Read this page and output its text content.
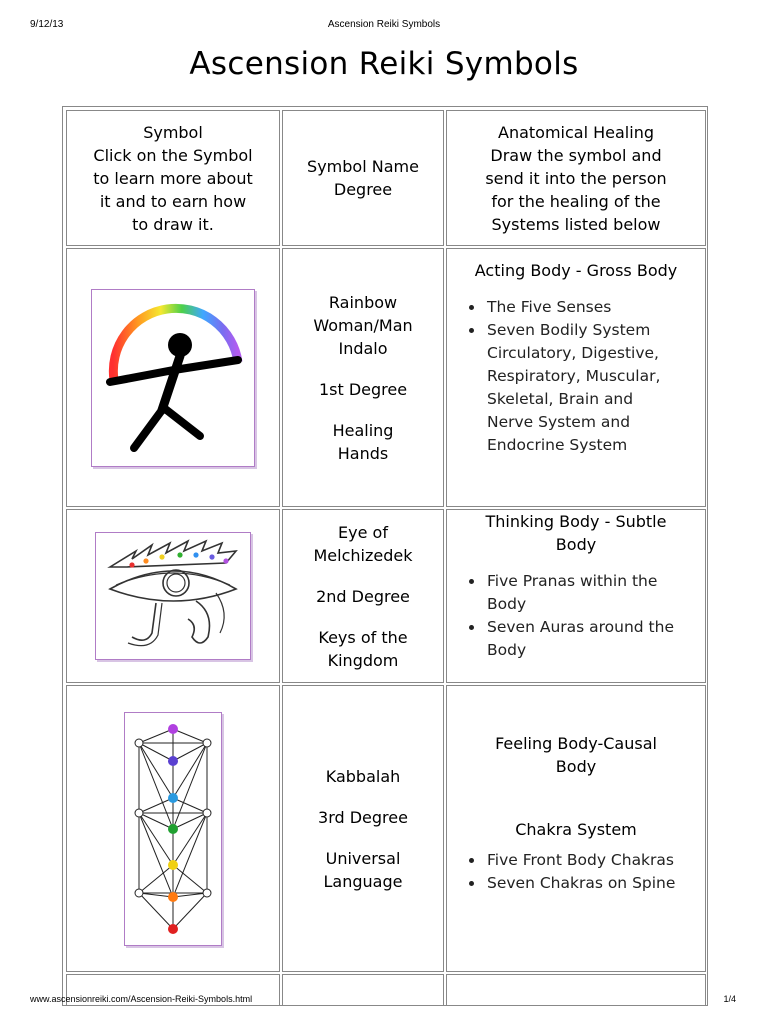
9/12/13	Ascension Reiki Symbols
Ascension Reiki Symbols

Symbol

Click on the Symbol

to learn more about

it and to earn how

to draw it.

Symbol Name

Degree

Anatomical Healing

Draw the symbol and

send it into the person

for the healing of the

Systems listed below

Rainbow Woman/Man Indalo

1st Degree

Healing Hands

Acting Body - Gross Body

• The Five Senses
• Seven Bodily System Circulatory, Digestive, Respiratory, Muscular, Skeletal, Brain and Nerve System and Endocrine System

Eye of Melchizedek

2nd Degree

Keys of the Kingdom

Thinking Body - Subtle Body

• Five Pranas within the Body
• Seven Auras around the Body

Kabbalah

3rd Degree

Universal Language

Feeling Body-Causal Body

Chakra System

• Five Front Body Chakras
• Seven Chakras on Spine
www.ascensionreiki.com/Ascension-Reiki-Symbols.html	1/4
